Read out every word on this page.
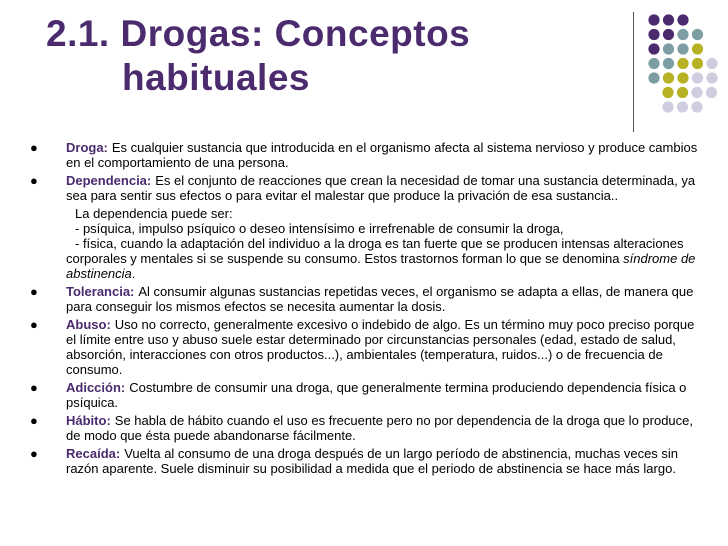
2.1. Drogas: Conceptos
habituales
● Droga: Es cualquier sustancia que introducida en el organismo afecta al sistema nervioso y produce cambios en el comportamiento de una persona.
● Dependencia: Es el conjunto de reacciones que crean la necesidad de tomar una sustancia determinada, ya sea para sentir sus efectos o para evitar el malestar que produce la privación de esa sustancia..
La dependencia puede ser:
- psíquica, impulso psíquico o deseo intensísimo e irrefrenable de consumir la droga,
- física, cuando la adaptación del individuo a la droga es tan fuerte que se producen intensas alteraciones corporales y mentales si se suspende su consumo. Estos trastornos forman lo que se denomina síndrome de abstinencia.
● Tolerancia: Al consumir algunas sustancias repetidas veces, el organismo se adapta a ellas, de manera que para conseguir los mismos efectos se necesita aumentar la dosis.
● Abuso: Uso no correcto, generalmente excesivo o indebido de algo. Es un término muy poco preciso porque el límite entre uso y abuso suele estar determinado por circunstancias personales (edad, estado de salud, absorción, interacciones con otros productos...), ambientales (temperatura, ruidos...) o de frecuencia de consumo.
● Adicción: Costumbre de consumir una droga, que generalmente termina produciendo dependencia física o psíquica.
● Hábito: Se habla de hábito cuando el uso es frecuente pero no por dependencia de la droga que lo produce, de modo que ésta puede abandonarse fácilmente.
● Recaída: Vuelta al consumo de una droga después de un largo período de abstinencia, muchas veces sin razón aparente. Suele disminuir su posibilidad a medida que el periodo de abstinencia se hace más largo.
